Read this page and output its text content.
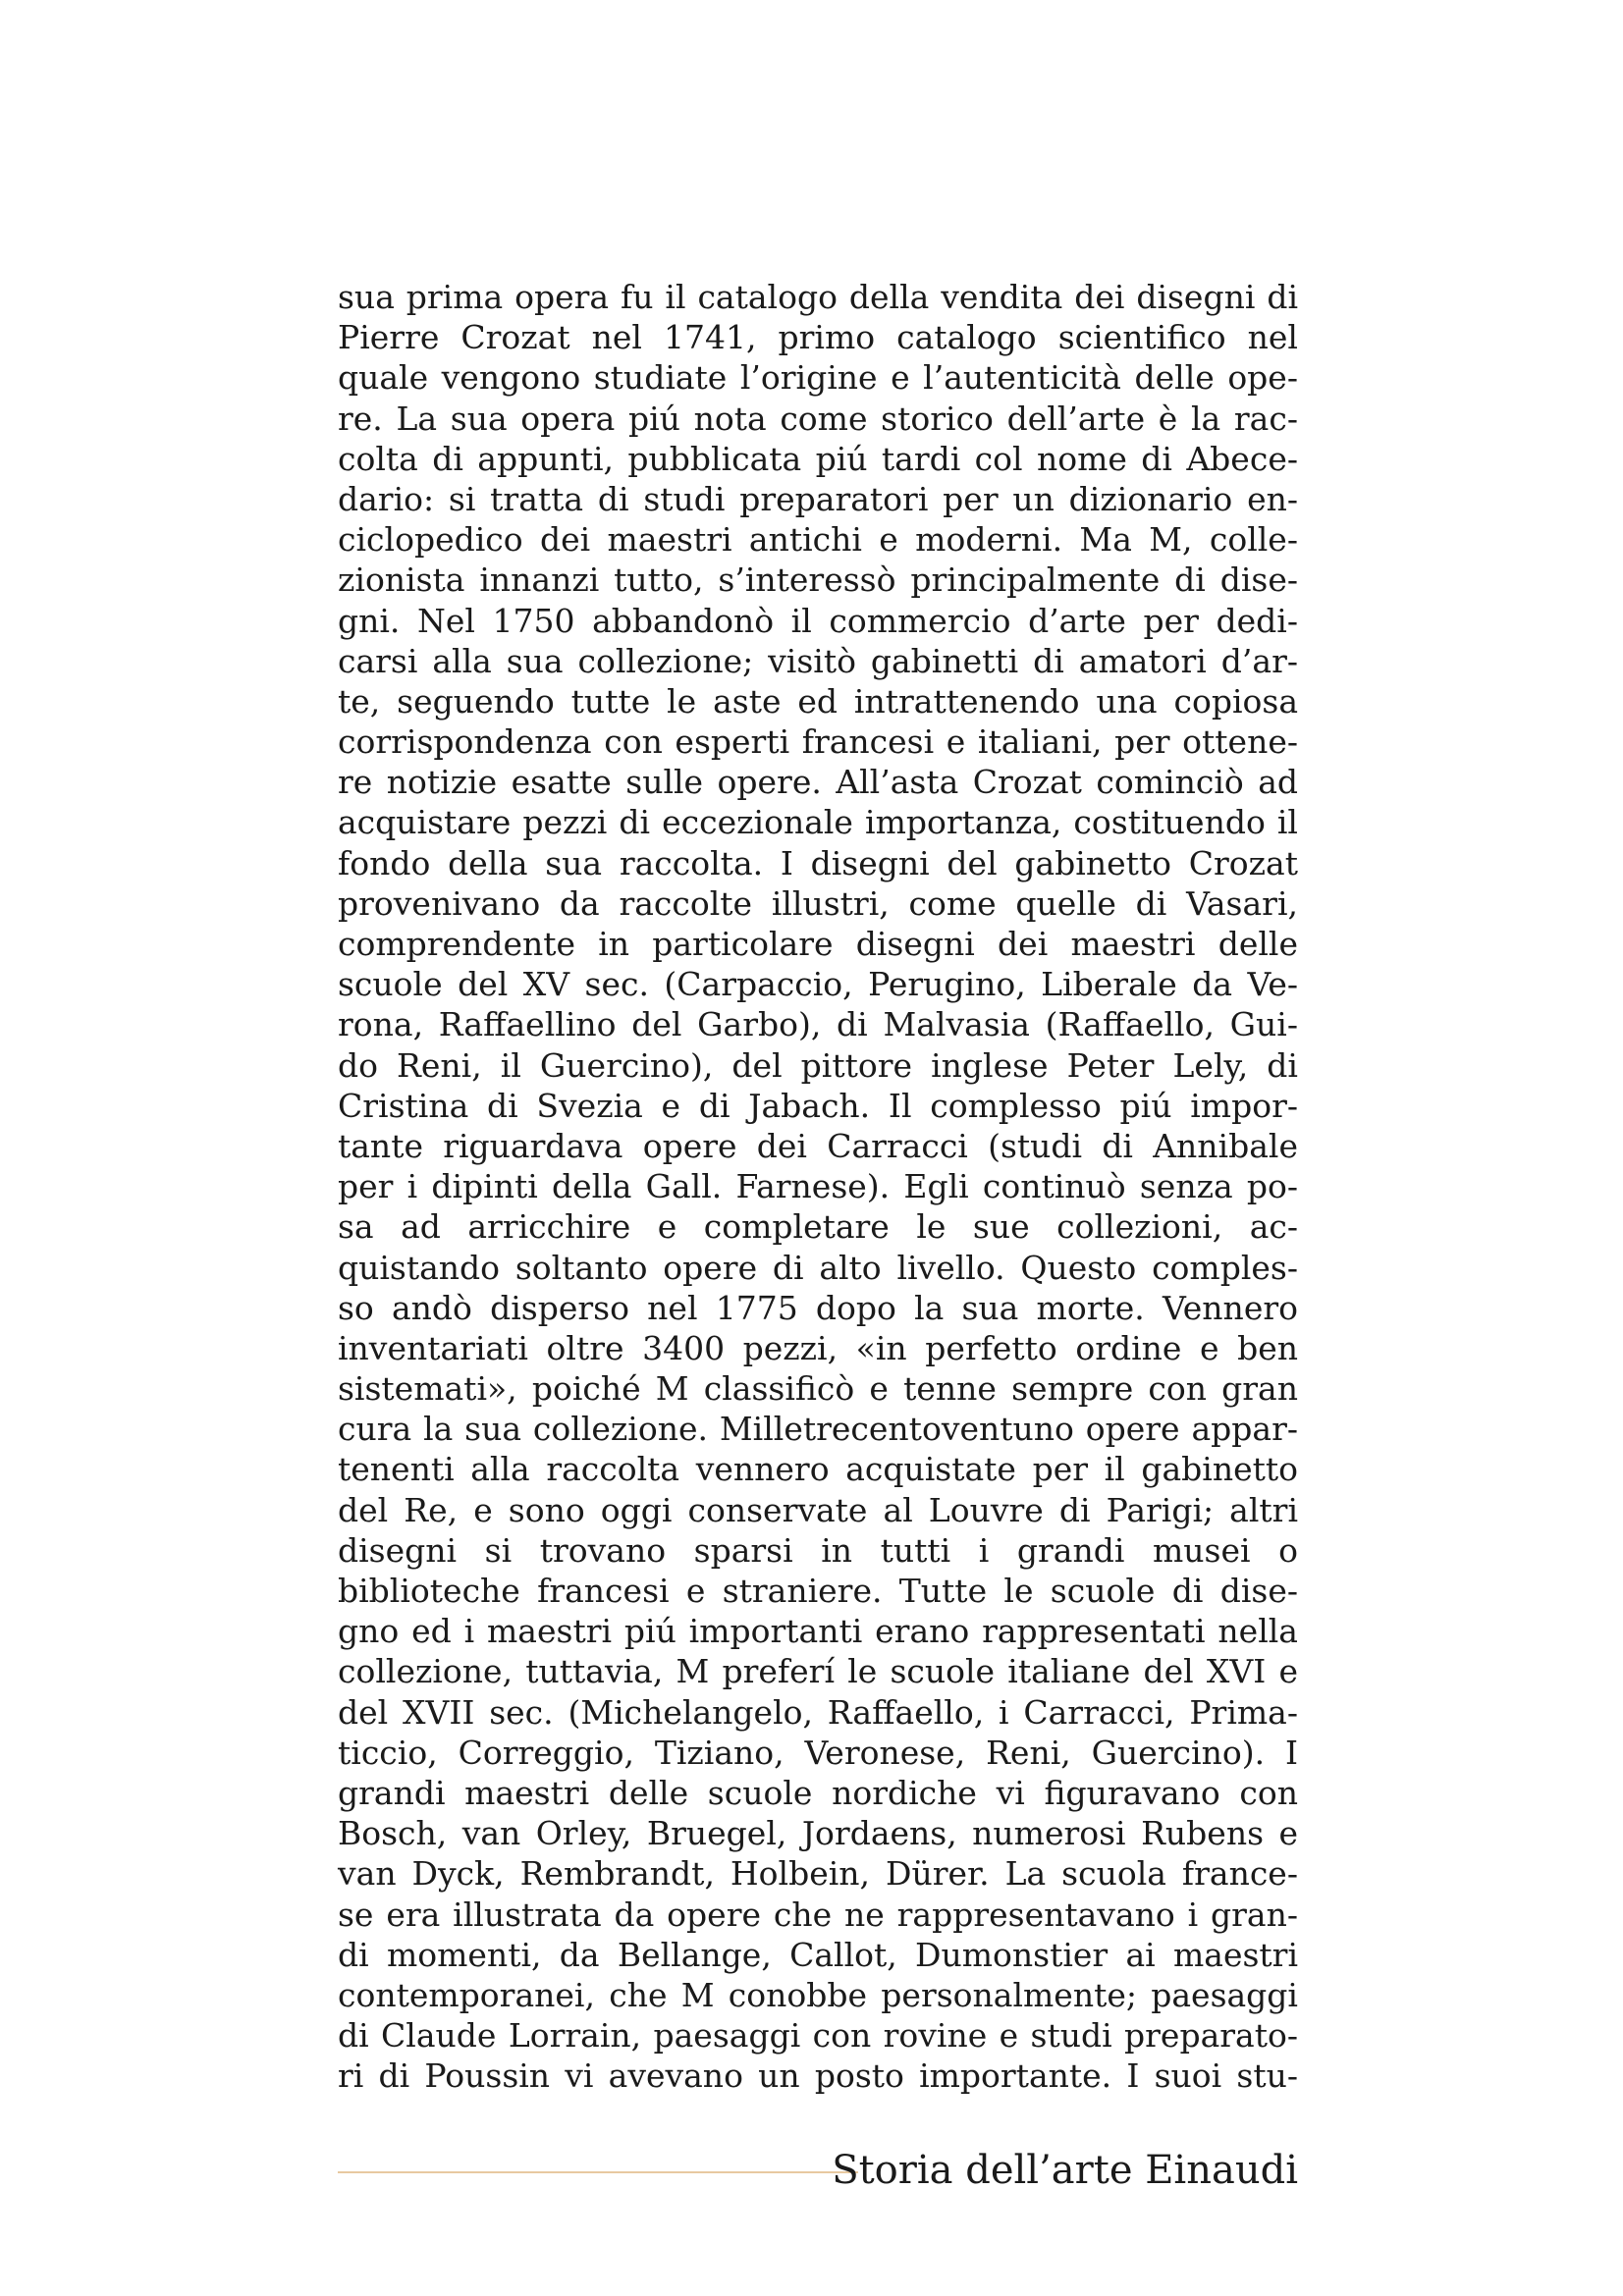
sua prima opera fu il catalogo della vendita dei disegni di
Pierre Crozat nel 1741, primo catalogo scientifico nel
quale vengono studiate l’origine e l’autenticità delle ope-
re. La sua opera piú nota come storico dell’arte è la rac-
colta di appunti, pubblicata piú tardi col nome di Abece-
dario: si tratta di studi preparatori per un dizionario en-
ciclopedico dei maestri antichi e moderni. Ma M, colle-
zionista innanzi tutto, s’interessò principalmente di dise-
gni. Nel 1750 abbandonò il commercio d’arte per dedi-
carsi alla sua collezione; visitò gabinetti di amatori d’ar-
te, seguendo tutte le aste ed intrattenendo una copiosa
corrispondenza con esperti francesi e italiani, per ottene-
re notizie esatte sulle opere. All’asta Crozat cominciò ad
acquistare pezzi di eccezionale importanza, costituendo il
fondo della sua raccolta. I disegni del gabinetto Crozat
provenivano da raccolte illustri, come quelle di Vasari,
comprendente in particolare disegni dei maestri delle
scuole del XV sec. (Carpaccio, Perugino, Liberale da Ve-
rona, Raffaellino del Garbo), di Malvasia (Raffaello, Gui-
do Reni, il Guercino), del pittore inglese Peter Lely, di
Cristina di Svezia e di Jabach. Il complesso piú impor-
tante riguardava opere dei Carracci (studi di Annibale
per i dipinti della Gall. Farnese). Egli continuò senza po-
sa ad arricchire e completare le sue collezioni, ac-
quistando soltanto opere di alto livello. Questo comples-
so andò disperso nel 1775 dopo la sua morte. Vennero
inventariati oltre 3400 pezzi, «in perfetto ordine e ben
sistemati», poiché M classificò e tenne sempre con gran
cura la sua collezione. Milletrecentoventuno opere appar-
tenenti alla raccolta vennero acquistate per il gabinetto
del Re, e sono oggi conservate al Louvre di Parigi; altri
disegni si trovano sparsi in tutti i grandi musei o
biblioteche francesi e straniere. Tutte le scuole di dise-
gno ed i maestri piú importanti erano rappresentati nella
collezione, tuttavia, M preferí le scuole italiane del XVI e
del XVII sec. (Michelangelo, Raffaello, i Carracci, Prima-
ticcio, Correggio, Tiziano, Veronese, Reni, Guercino). I
grandi maestri delle scuole nordiche vi figuravano con
Bosch, van Orley, Bruegel, Jordaens, numerosi Rubens e
van Dyck, Rembrandt, Holbein, Dürer. La scuola france-
se era illustrata da opere che ne rappresentavano i gran-
di momenti, da Bellange, Callot, Dumonstier ai maestri
contemporanei, che M conobbe personalmente; paesaggi
di Claude Lorrain, paesaggi con rovine e studi preparato-
ri di Poussin vi avevano un posto importante. I suoi stu-
Storia dell’arte Einaudi
